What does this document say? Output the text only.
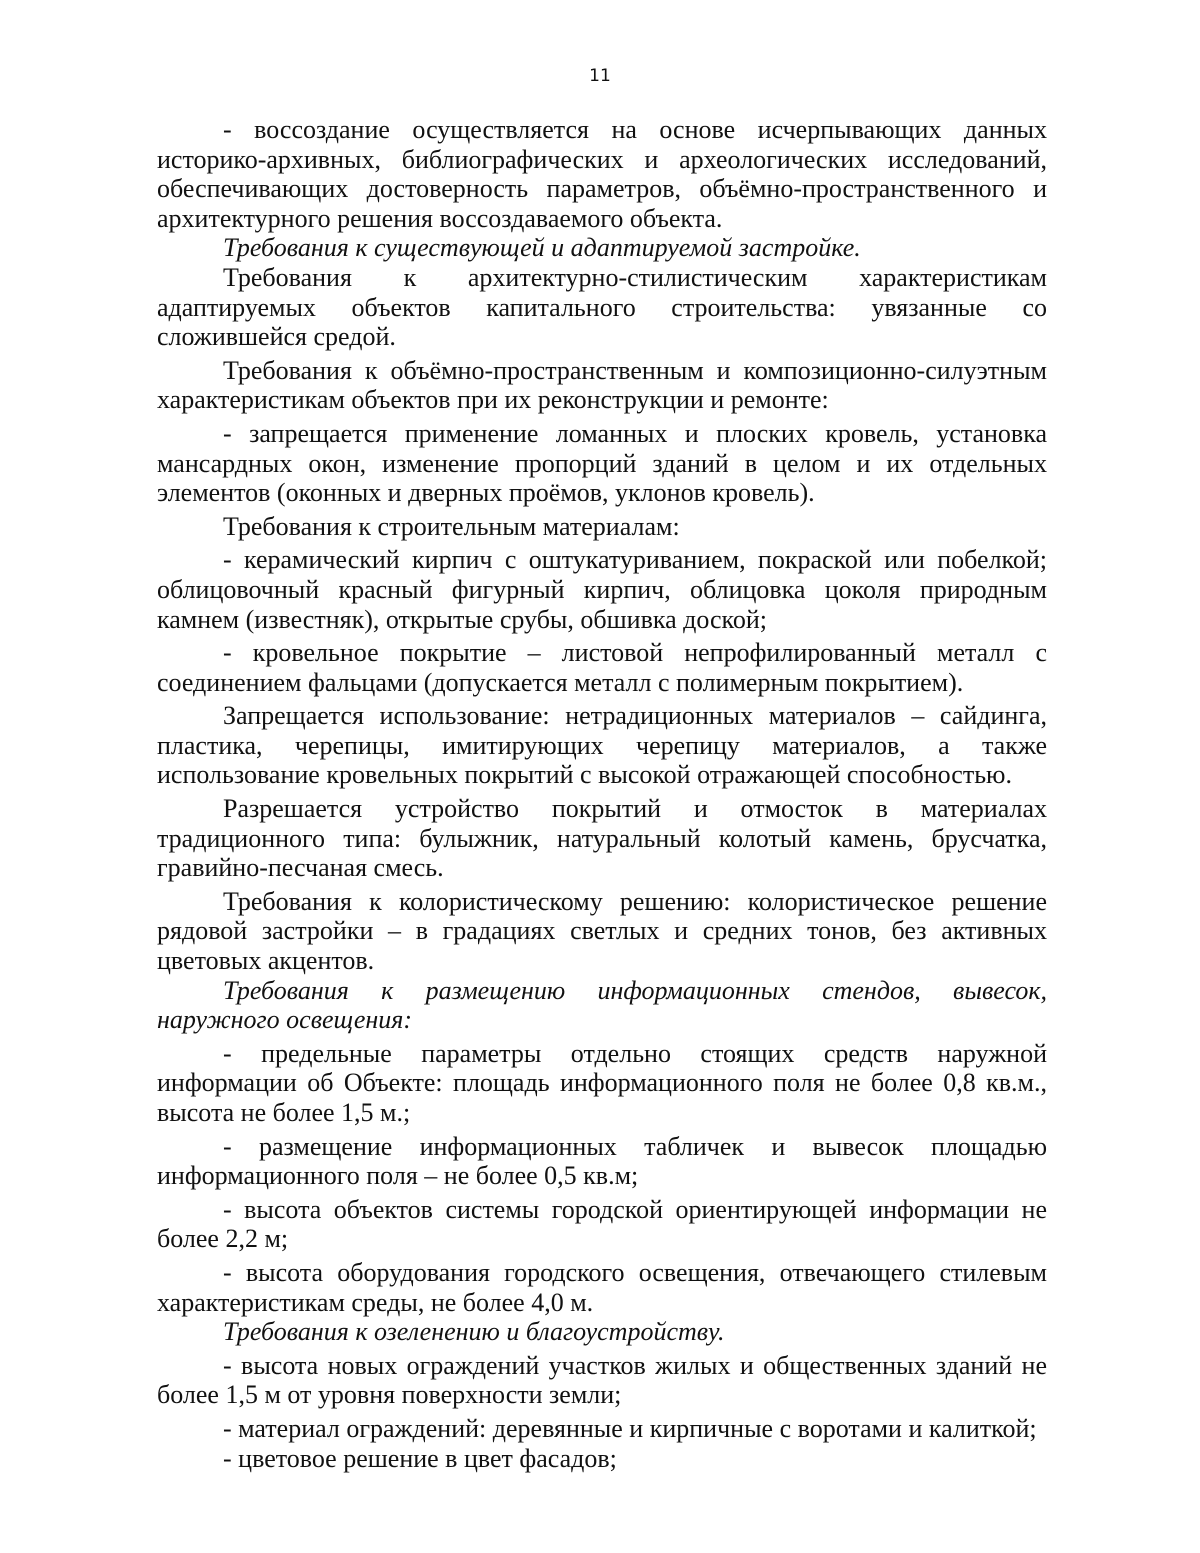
11

- воссоздание осуществляется на основе исчерпывающих данных историко-архивных, библиографических и археологических исследований, обеспечивающих достоверность параметров, объёмно-пространственного и архитектурного решения воссоздаваемого объекта.

Требования к существующей и адаптируемой застройке.

Требования к архитектурно-стилистическим характеристикам адаптируемых объектов капитального строительства: увязанные со сложившейся средой.

Требования к объёмно-пространственным и композиционно-силуэтным характеристикам объектов при их реконструкции и ремонте:

- запрещается применение ломанных и плоских кровель, установка мансардных окон, изменение пропорций зданий в целом и их отдельных элементов (оконных и дверных проёмов, уклонов кровель).

Требования к строительным материалам:

- керамический кирпич с оштукатуриванием, покраской или побелкой; облицовочный красный фигурный кирпич, облицовка цоколя природным камнем (известняк), открытые срубы, обшивка доской;

- кровельное покрытие – листовой непрофилированный металл с соединением фальцами (допускается металл с полимерным покрытием).

Запрещается использование: нетрадиционных материалов – сайдинга, пластика, черепицы, имитирующих черепицу материалов, а также использование кровельных покрытий с высокой отражающей способностью.

Разрешается устройство покрытий и отмосток в материалах традиционного типа: булыжник, натуральный колотый камень, брусчатка, гравийно-песчаная смесь.

Требования к колористическому решению: колористическое решение рядовой застройки – в градациях светлых и средних тонов, без активных цветовых акцентов.

Требования к размещению информационных стендов, вывесок, наружного освещения:

- предельные параметры отдельно стоящих средств наружной информации об Объекте: площадь информационного поля не более 0,8 кв.м., высота не более 1,5 м.;

- размещение информационных табличек и вывесок площадью информационного поля – не более 0,5 кв.м;

- высота объектов системы городской ориентирующей информации не более 2,2 м;

- высота оборудования городского освещения, отвечающего стилевым характеристикам среды, не более 4,0 м.

Требования к озеленению и благоустройству.

- высота новых ограждений участков жилых и общественных зданий не более 1,5 м от уровня поверхности земли;

- материал ограждений: деревянные и кирпичные с воротами и калиткой;

- цветовое решение в цвет фасадов;
